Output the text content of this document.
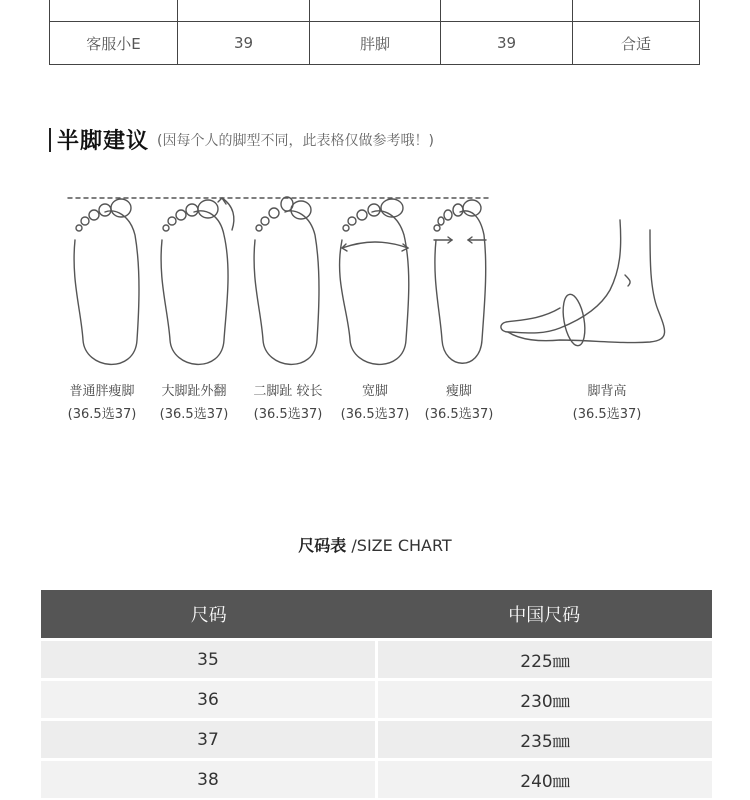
客服小E	39	胖脚	39	合适
半脚建议 (因每个人的脚型不同，此表格仅做参考哦！)
普通胖瘦脚
(36.5选37)
大脚趾外翻
(36.5选37)
二脚趾 较长
(36.5选37)
宽脚
(36.5选37)
瘦脚
(36.5选37)
脚背高
(36.5选37)
尺码表 /SIZE CHART
尺码	中国尺码
35	225㎜
36	230㎜
37	235㎜
38	240㎜
